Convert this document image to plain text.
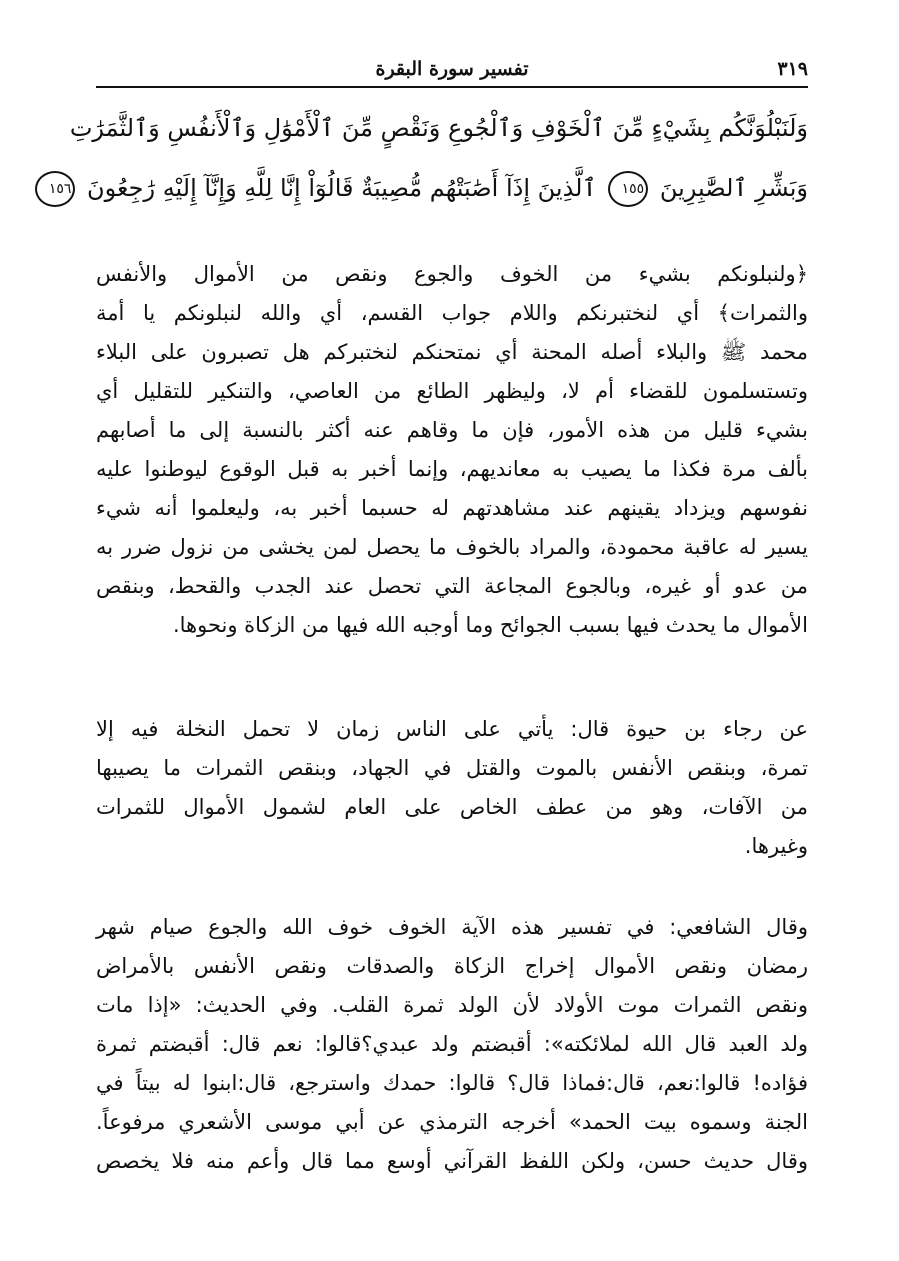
٣١٩
تفسير سورة البقرة
وَلَنَبْلُوَنَّكُم بِشَيْءٍ مِّنَ ٱلْخَوْفِ وَٱلْجُوعِ وَنَقْصٍ مِّنَ ٱلْأَمْوَٰلِ وَٱلْأَنفُسِ وَٱلثَّمَرَٰتِ
وَبَشِّرِ ٱلصَّٰبِرِينَ ١٥٥ ٱلَّذِينَ إِذَآ أَصَٰبَتْهُم مُّصِيبَةٌ قَالُوٓاْ إِنَّا لِلَّهِ وَإِنَّآ إِلَيْهِ رَٰجِعُونَ ١٥٦
﴿ولنبلونكم بشيء من الخوف والجوع ونقص من الأموال والأنفس
والثمرات﴾ أي لنختبرنكم واللام جواب القسم، أي والله لنبلونكم يا أمة
محمد ﷺ والبلاء أصله المحنة أي نمتحنكم لنختبركم هل تصبرون على البلاء
وتستسلمون للقضاء أم لا، وليظهر الطائع من العاصي، والتنكير للتقليل أي
بشيء قليل من هذه الأمور، فإن ما وقاهم عنه أكثر بالنسبة إلى ما أصابهم
بألف مرة فكذا ما يصيب به معانديهم، وإنما أخبر به قبل الوقوع ليوطنوا عليه
نفوسهم ويزداد يقينهم عند مشاهدتهم له حسبما أخبر به، وليعلموا أنه شيء
يسير له عاقبة محمودة، والمراد بالخوف ما يحصل لمن يخشى من نزول ضرر به
من عدو أو غيره، وبالجوع المجاعة التي تحصل عند الجدب والقحط، وبنقص
الأموال ما يحدث فيها بسبب الجوائح وما أوجبه الله فيها من الزكاة ونحوها.
عن رجاء بن حيوة قال: يأتي على الناس زمان لا تحمل النخلة فيه إلا
تمرة، وبنقص الأنفس بالموت والقتل في الجهاد، وبنقص الثمرات ما يصيبها
من الآفات، وهو من عطف الخاص على العام لشمول الأموال للثمرات
وغيرها.
وقال الشافعي: في تفسير هذه الآية الخوف خوف الله والجوع صيام شهر
رمضان ونقص الأموال إخراج الزكاة والصدقات ونقص الأنفس بالأمراض
ونقص الثمرات موت الأولاد لأن الولد ثمرة القلب. وفي الحديث: «إذا مات
ولد العبد قال الله لملائكته»: أقبضتم ولد عبدي؟قالوا: نعم قال: أقبضتم ثمرة
فؤاده! قالوا:نعم، قال:فماذا قال؟ قالوا: حمدك واسترجع، قال:ابنوا له بيتاً في
الجنة وسموه بيت الحمد» أخرجه الترمذي عن أبي موسى الأشعري مرفوعاً.
وقال حديث حسن، ولكن اللفظ القرآني أوسع مما قال وأعم منه فلا يخصص
